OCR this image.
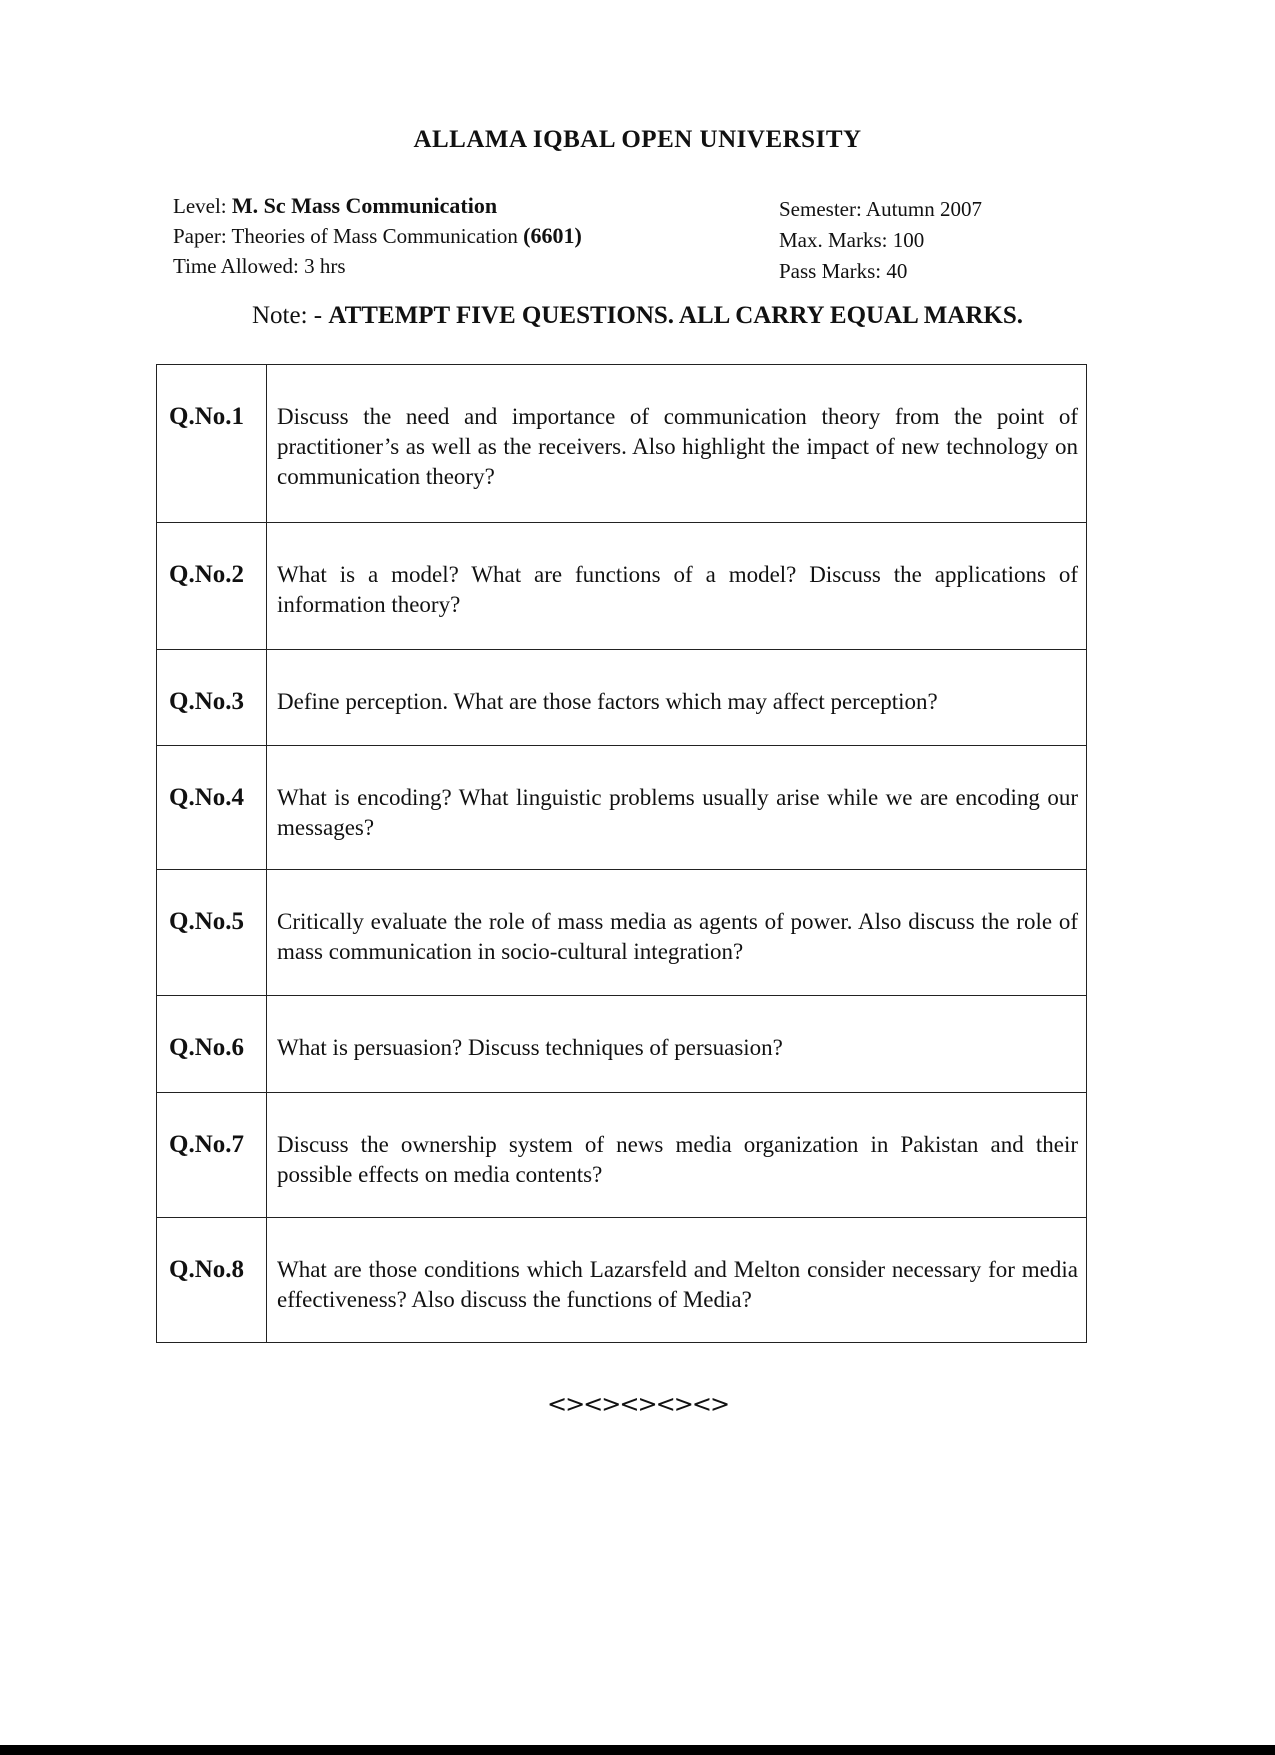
ALLAMA IQBAL OPEN UNIVERSITY
Level: M. Sc Mass Communication
Paper: Theories of Mass Communication (6601)
Time Allowed: 3 hrs
Semester: Autumn 2007
Max. Marks: 100
Pass Marks: 40
Note: - ATTEMPT FIVE QUESTIONS. ALL CARRY EQUAL MARKS.
Q.No.1	Discuss the need and importance of communication theory from the point of practitioner’s as well as the receivers. Also highlight the impact of new technology on communication theory?
Q.No.2	What is a model? What are functions of a model? Discuss the applications of information theory?
Q.No.3	Define perception. What are those factors which may affect perception?
Q.No.4	What is encoding? What linguistic problems usually arise while we are encoding our messages?
Q.No.5	Critically evaluate the role of mass media as agents of power. Also discuss the role of mass communication in socio-cultural integration?
Q.No.6	What is persuasion? Discuss techniques of persuasion?
Q.No.7	Discuss the ownership system of news media organization in Pakistan and their possible effects on media contents?
Q.No.8	What are those conditions which Lazarsfeld and Melton consider necessary for media effectiveness? Also discuss the functions of Media?
<><><><><>
